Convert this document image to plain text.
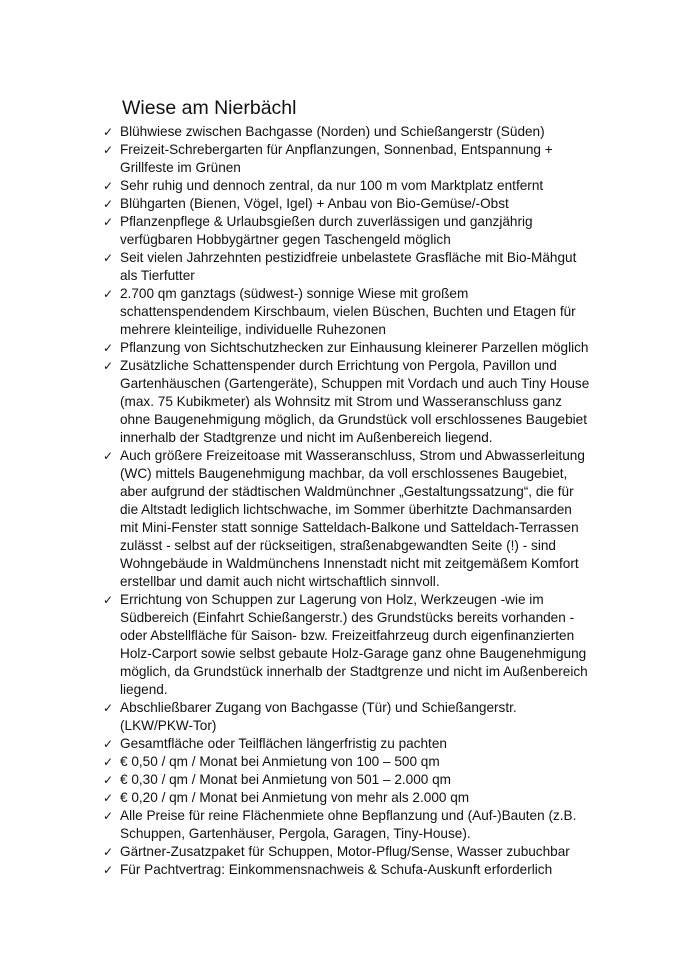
Wiese am Nierbächl
✓ Blühwiese zwischen Bachgasse (Norden) und Schießangerstr (Süden)
✓ Freizeit-Schrebergarten für Anpflanzungen, Sonnenbad, Entspannung +
Grillfeste im Grünen
✓ Sehr ruhig und dennoch zentral, da nur 100 m vom Marktplatz entfernt
✓ Blühgarten (Bienen, Vögel, Igel) + Anbau von Bio-Gemüse/-Obst
✓ Pflanzenpflege & Urlaubsgießen durch zuverlässigen und ganzjährig
verfügbaren Hobbygärtner gegen Taschengeld möglich
✓ Seit vielen Jahrzehnten pestizidfreie unbelastete Grasfläche mit Bio-Mähgut
als Tierfutter
✓ 2.700 qm ganztags (südwest-) sonnige Wiese mit großem
schattenspendendem Kirschbaum, vielen Büschen, Buchten und Etagen für
mehrere kleinteilige, individuelle Ruhezonen
✓ Pflanzung von Sichtschutzhecken zur Einhausung kleinerer Parzellen möglich
✓ Zusätzliche Schattenspender durch Errichtung von Pergola, Pavillon und
Gartenhäuschen (Gartengeräte), Schuppen mit Vordach und auch Tiny House
(max. 75 Kubikmeter) als Wohnsitz mit Strom und Wasseranschluss ganz
ohne Baugenehmigung möglich, da Grundstück voll erschlossenes Baugebiet
innerhalb der Stadtgrenze und nicht im Außenbereich liegend.
✓ Auch größere Freizeitoase mit Wasseranschluss, Strom und Abwasserleitung
(WC) mittels Baugenehmigung machbar, da voll erschlossenes Baugebiet,
aber aufgrund der städtischen Waldmünchner „Gestaltungssatzung“, die für
die Altstadt lediglich lichtschwache, im Sommer überhitzte Dachmansarden
mit Mini-Fenster statt sonnige Satteldach-Balkone und Satteldach-Terrassen
zulässt - selbst auf der rückseitigen, straßenabgewandten Seite (!) - sind
Wohngebäude in Waldmünchens Innenstadt nicht mit zeitgemäßem Komfort
erstellbar und damit auch nicht wirtschaftlich sinnvoll.
✓ Errichtung von Schuppen zur Lagerung von Holz, Werkzeugen -wie im
Südbereich (Einfahrt Schießangerstr.) des Grundstücks bereits vorhanden -
oder Abstellfläche für Saison- bzw. Freizeitfahrzeug durch eigenfinanzierten
Holz-Carport sowie selbst gebaute Holz-Garage ganz ohne Baugenehmigung
möglich, da Grundstück innerhalb der Stadtgrenze und nicht im Außenbereich
liegend.
✓ Abschließbarer Zugang von Bachgasse (Tür) und Schießangerstr.
(LKW/PKW-Tor)
✓ Gesamtfläche oder Teilflächen längerfristig zu pachten
✓ € 0,50 / qm / Monat bei Anmietung von 100 – 500 qm
✓ € 0,30 / qm / Monat bei Anmietung von 501 – 2.000 qm
✓ € 0,20 / qm / Monat bei Anmietung von mehr als 2.000 qm
✓ Alle Preise für reine Flächenmiete ohne Bepflanzung und (Auf-)Bauten (z.B.
Schuppen, Gartenhäuser, Pergola, Garagen, Tiny-House).
✓ Gärtner-Zusatzpaket für Schuppen, Motor-Pflug/Sense, Wasser zubuchbar
✓ Für Pachtvertrag: Einkommensnachweis & Schufa-Auskunft erforderlich
